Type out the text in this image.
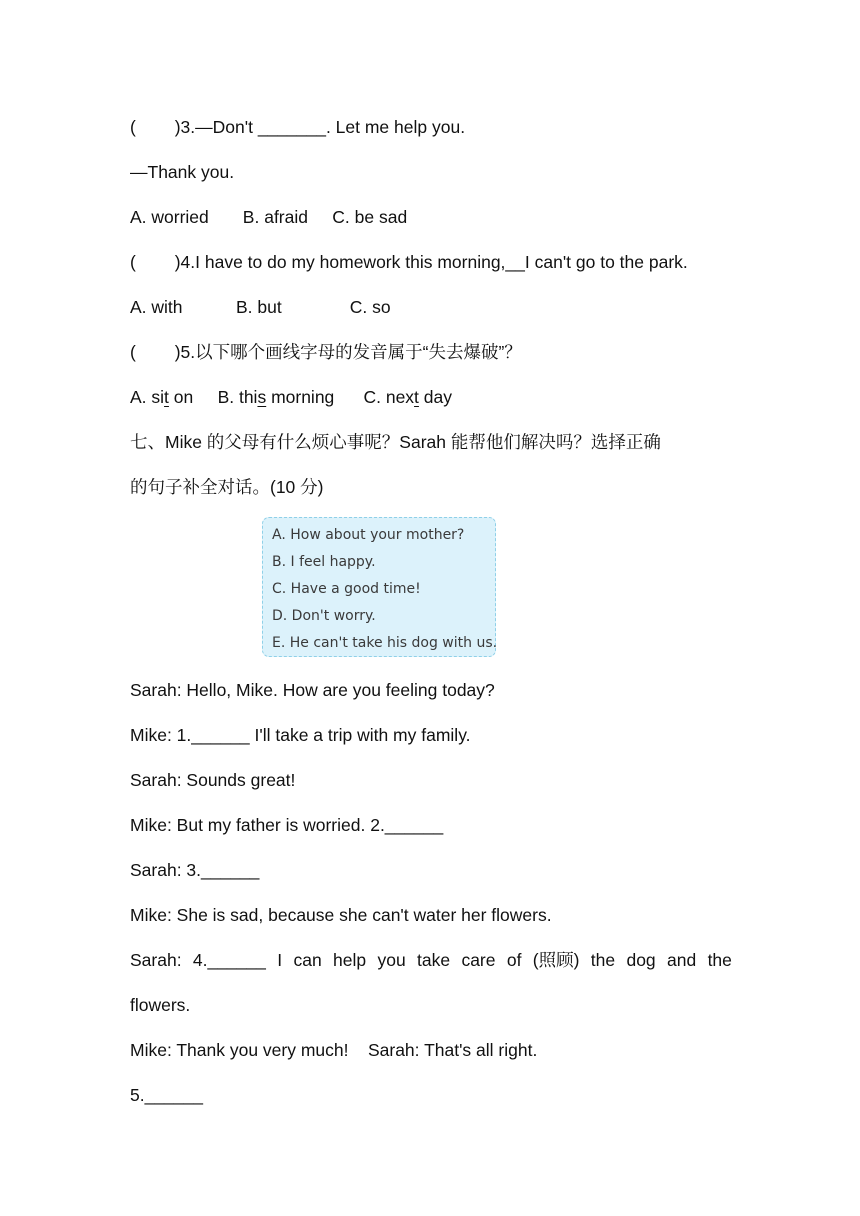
(        )3.—Don't _______. Let me help you.
—Thank you.
A. worried       B. afraid     C. be sad
(        )4.I have to do my homework this morning,__I can't go to the park.
A. with           B. but              C. so
(        )5.以下哪个画线字母的发音属于“失去爆破”？
A. sit on     B. this morning      C. next day
七、Mike 的父母有什么烦心事呢？Sarah 能帮他们解决吗？选择正确
的句子补全对话。(10 分)
A. How about your mother?
B. I feel happy.
C. Have a good time!
D. Don't worry.
E. He can't take his dog with us.
Sarah: Hello, Mike. How are you feeling today?
Mike: 1.______ I'll take a trip with my family.
Sarah: Sounds great!
Mike: But my father is worried. 2.______
Sarah: 3.______
Mike: She is sad, because she can't water her flowers.
Sarah: 4.______ I can help you take care of (照顾) the dog and the
flowers.
Mike: Thank you very much!    Sarah: That's all right.
5.______
